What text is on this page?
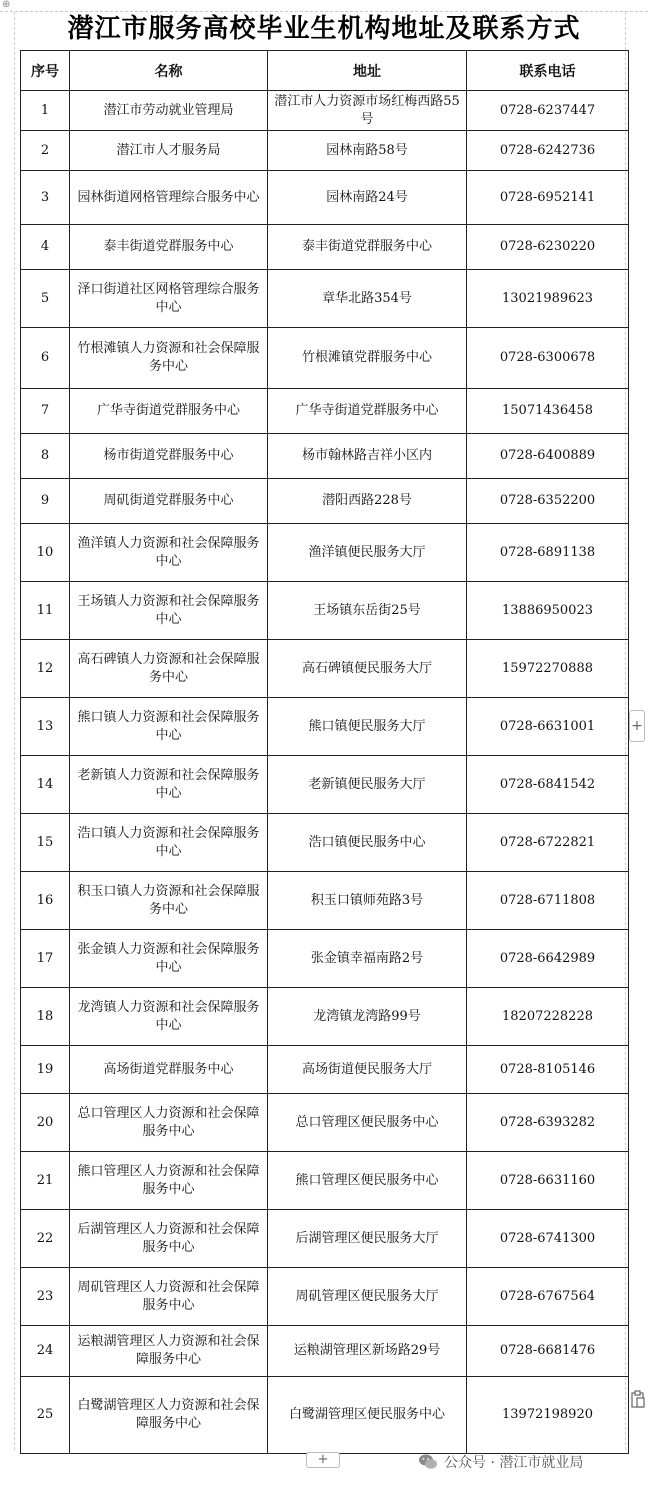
⊕
潜江市服务高校毕业生机构地址及联系方式
序号	名称	地址	联系电话
1	潜江市劳动就业管理局	潜江市人力资源市场红梅西路55号	0728-6237447
2	潜江市人才服务局	园林南路58号	0728-6242736
3	园林街道网格管理综合服务中心	园林南路24号	0728-6952141
4	泰丰街道党群服务中心	泰丰街道党群服务中心	0728-6230220
5	泽口街道社区网格管理综合服务中心	章华北路354号	13021989623
6	竹根滩镇人力资源和社会保障服务中心	竹根滩镇党群服务中心	0728-6300678
7	广华寺街道党群服务中心	广华寺街道党群服务中心	15071436458
8	杨市街道党群服务中心	杨市翰林路吉祥小区内	0728-6400889
9	周矶街道党群服务中心	潜阳西路228号	0728-6352200
10	渔洋镇人力资源和社会保障服务中心	渔洋镇便民服务大厅	0728-6891138
11	王场镇人力资源和社会保障服务中心	王场镇东岳街25号	13886950023
12	高石碑镇人力资源和社会保障服务中心	高石碑镇便民服务大厅	15972270888
13	熊口镇人力资源和社会保障服务中心	熊口镇便民服务大厅	0728-6631001
14	老新镇人力资源和社会保障服务中心	老新镇便民服务大厅	0728-6841542
15	浩口镇人力资源和社会保障服务中心	浩口镇便民服务中心	0728-6722821
16	积玉口镇人力资源和社会保障服务中心	积玉口镇师苑路3号	0728-6711808
17	张金镇人力资源和社会保障服务中心	张金镇幸福南路2号	0728-6642989
18	龙湾镇人力资源和社会保障服务中心	龙湾镇龙湾路99号	18207228228
19	高场街道党群服务中心	高场街道便民服务大厅	0728-8105146
20	总口管理区人力资源和社会保障服务中心	总口管理区便民服务中心	0728-6393282
21	熊口管理区人力资源和社会保障服务中心	熊口管理区便民服务中心	0728-6631160
22	后湖管理区人力资源和社会保障服务中心	后湖管理区便民服务大厅	0728-6741300
23	周矶管理区人力资源和社会保障服务中心	周矶管理区便民服务大厅	0728-6767564
24	运粮湖管理区人力资源和社会保障服务中心	运粮湖管理区新场路29号	0728-6681476
25	白鹭湖管理区人力资源和社会保障服务中心	白鹭湖管理区便民服务中心	13972198920
+
+	公众号 · 潜江市就业局
